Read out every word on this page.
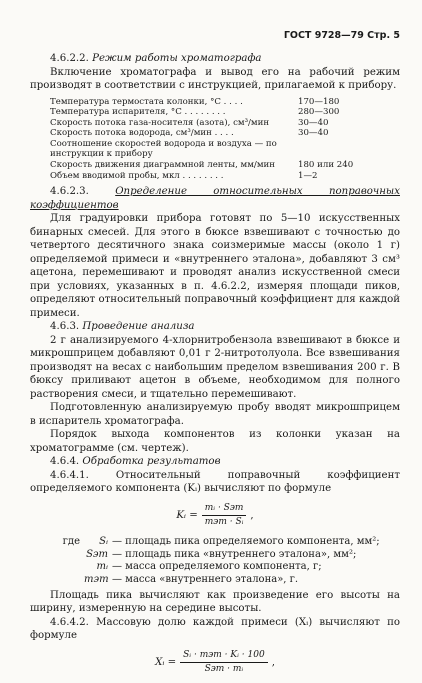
ГОСТ 9728—79 Стр. 5

4.6.2.2. Режим работы хроматографа

Включение хроматографа и вывод его на рабочий режим производят в соответствии с инструкцией, прилагаемой к прибору.

Температура термостата колонки, °С . . . .	170—180
Температура испарителя, °С . . . . . . . .	280—300
Скорость потока газа-носителя (азота), см³/мин	30—40
Скорость потока водорода, см³/мин . . . .	30—40
Соотношение скоростей водорода и воздуха — по
инструкции к прибору
Скорость движения диаграммной ленты, мм/мин	180 или 240
Объем вводимой пробы, мкл . . . . . . . .	1—2

4.6.2.3.	Определение относительных поправочных коэффициентов

Для градуировки прибора готовят по 5—10 искусственных бинарных смесей. Для этого в бюксе взвешивают с точностью до четвертого десятичного знака соизмеримые массы (около 1 г) определяемой примеси и «внутреннего эталона», добавляют 3 см³ ацетона, перемешивают и проводят анализ искусственной смеси при условиях, указанных в п. 4.6.2.2, измеряя площади пиков, определяют относительный поправочный коэффициент для каждой примеси.

4.6.3. Проведение анализа

2 г анализируемого 4-хлорнитробензола взвешивают в бюксе и микрошприцем добавляют 0,01 г 2-нитротолуола. Все взвешивания производят на весах с наибольшим пределом взвешивания 200 г. В бюксу приливают ацетон в объеме, необходимом для полного растворения смеси, и тщательно перемешивают.

Подготовленную анализируемую пробу вводят микрошприцем в испаритель хроматографа.

Порядок выхода компонентов из колонки указан на хроматограмме (см. чертеж).

4.6.4. Обработка результатов

4.6.4.1. Относительный поправочный коэффициент определяемого компонента (Kᵢ) вычисляют по формуле

Kᵢ = $\frac{\text{mᵢ · Sэт}}{\text{mэт · Sᵢ}}$ ,
где	Sᵢ — площадь пика определяемого компонента, мм²;
Sэт — площадь пика «внутреннего эталона», мм²;
mᵢ — масса определяемого компонента, г;
mэт — масса «внутреннего эталона», г.

Площадь пика вычисляют как произведение его высоты на ширину, измеренную на середине высоты.

4.6.4.2. Массовую долю каждой примеси (Xᵢ) вычисляют по формуле

Xᵢ = $\frac{\text{Sᵢ · mэт · Kᵢ · 100}}{\text{Sэт · mᵢ}}$ ,
